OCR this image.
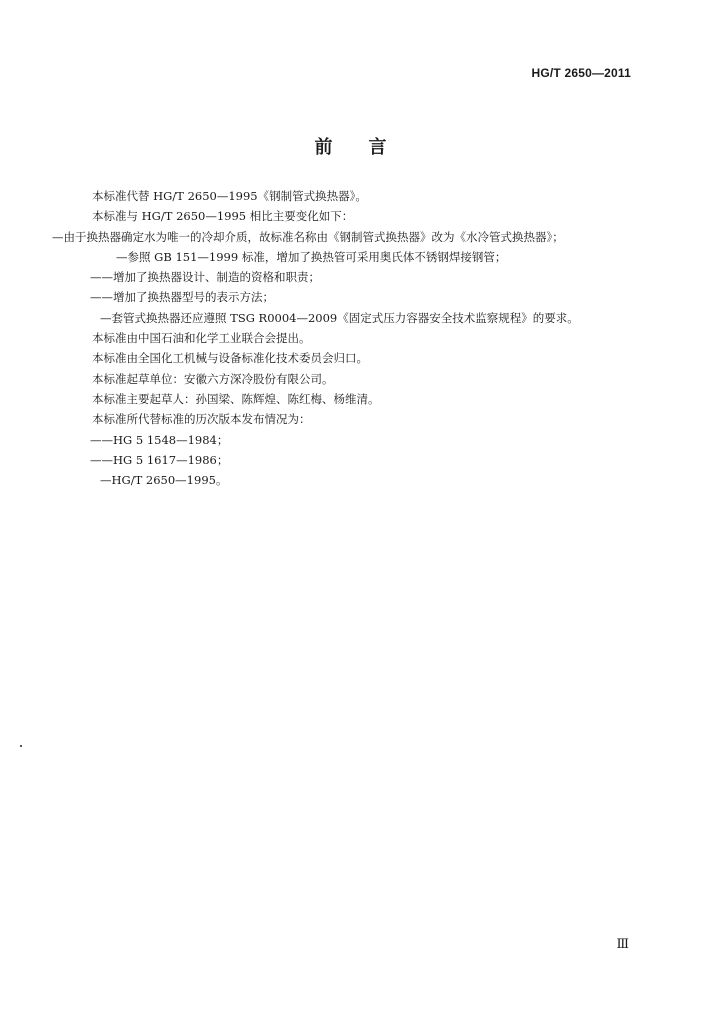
HG/T 2650—2011
前 言
本标准代替 HG/T 2650—1995《钢制管式换热器》。
本标准与 HG/T 2650—1995 相比主要变化如下：
—由于换热器确定水为唯一的冷却介质，故标准名称由《钢制管式换热器》改为《水冷管式换热器》；
—参照 GB 151—1999 标准，增加了换热管可采用奥氏体不锈钢焊接钢管；
——增加了换热器设计、制造的资格和职责；
——增加了换热器型号的表示方法；
—套管式换热器还应遵照 TSG R0004—2009《固定式压力容器安全技术监察规程》的要求。
本标准由中国石油和化学工业联合会提出。
本标准由全国化工机械与设备标准化技术委员会归口。
本标准起草单位：安徽六方深冷股份有限公司。
本标准主要起草人：孙国梁、陈辉煌、陈红梅、杨维清。
本标准所代替标准的历次版本发布情况为：
——HG 5 1548—1984；
——HG 5 1617—1986；
—HG/T 2650—1995。
Ⅲ
